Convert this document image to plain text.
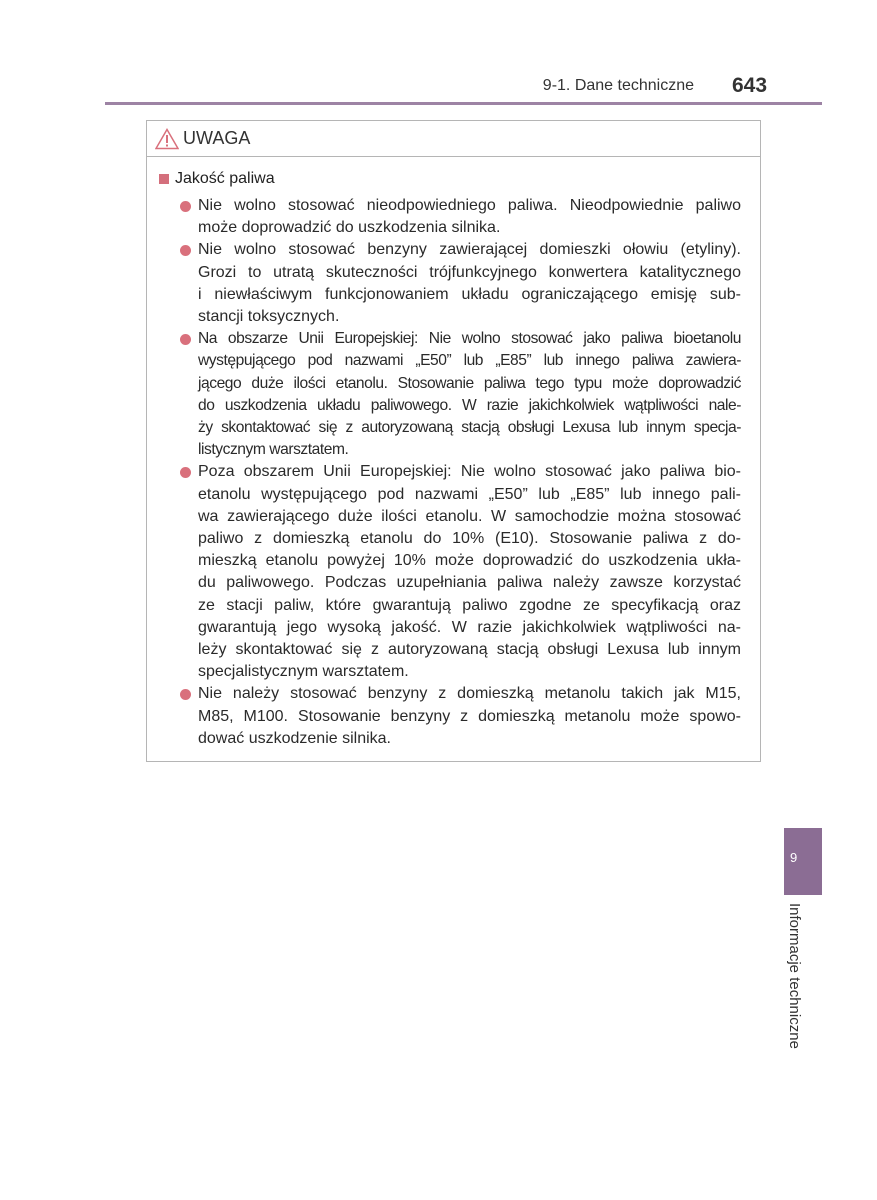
9-1. Dane techniczne 643
UWAGA
Jakość paliwa
Nie wolno stosować nieodpowiedniego paliwa. Nieodpowiednie paliwo
może doprowadzić do uszkodzenia silnika.
Nie wolno stosować benzyny zawierającej domieszki ołowiu (etyliny).
Grozi to utratą skuteczności trójfunkcyjnego konwertera katalitycznego
i niewłaściwym funkcjonowaniem układu ograniczającego emisję sub-
stancji toksycznych.
Na obszarze Unii Europejskiej: Nie wolno stosować jako paliwa bioetanolu
występującego pod nazwami „E50” lub „E85” lub innego paliwa zawiera-
jącego duże ilości etanolu. Stosowanie paliwa tego typu może doprowadzić
do uszkodzenia układu paliwowego. W razie jakichkolwiek wątpliwości nale-
ży skontaktować się z autoryzowaną stacją obsługi Lexusa lub innym specja-
listycznym warsztatem.
Poza obszarem Unii Europejskiej: Nie wolno stosować jako paliwa bio-
etanolu występującego pod nazwami „E50” lub „E85” lub innego pali-
wa zawierającego duże ilości etanolu. W samochodzie można stosować
paliwo z domieszką etanolu do 10% (E10). Stosowanie paliwa z do-
mieszką etanolu powyżej 10% może doprowadzić do uszkodzenia ukła-
du paliwowego. Podczas uzupełniania paliwa należy zawsze korzystać
ze stacji paliw, które gwarantują paliwo zgodne ze specyfikacją oraz
gwarantują jego wysoką jakość. W razie jakichkolwiek wątpliwości na-
leży skontaktować się z autoryzowaną stacją obsługi Lexusa lub innym
specjalistycznym warsztatem.
Nie należy stosować benzyny z domieszką metanolu takich jak M15,
M85, M100. Stosowanie benzyny z domieszką metanolu może spowo-
dować uszkodzenie silnika.
9
Informacje techniczne
